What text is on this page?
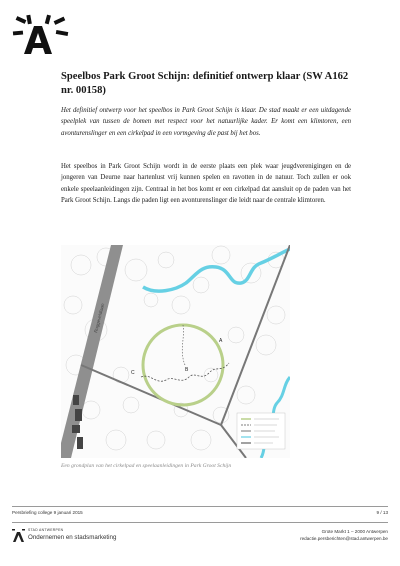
Speelbos Park Groot Schijn: definitief ontwerp klaar (SW A162 nr. 00158)

Het definitief ontwerp voor het speelbos in Park Groot Schijn is klaar. De stad maakt er een uitdagende speelplek van tussen de bomen met respect voor het natuurlijke kader. Er komt een klimtoren, een avonturenslinger en een cirkelpad in een vormgeving die past bij het bos.

Het speelbos in Park Groot Schijn wordt in de eerste plaats een plek waar jeugdverenigingen en de jongeren van Deurne naar hartenlust vrij kunnen spelen en ravotten in de natuur. Toch zullen er ook enkele speelaanleidingen zijn. Centraal in het bos komt er een cirkelpad dat aansluit op de paden van het Park Groot Schijn. Langs die paden ligt een avonturenslinger die leidt naar de centrale klimtoren.

Ruggeveldlaan
A
B
C

Een grondplan van het cirkelpad en speelaanleidingen in Park Groot Schijn

Persbriefing college 9 januari 2015	9 / 13
STAD ANTWERPEN
Ondernemen en stadsmarketing
Grote Markt 1 – 2000 Antwerpen
redactie.persberichten@stad.antwerpen.be
